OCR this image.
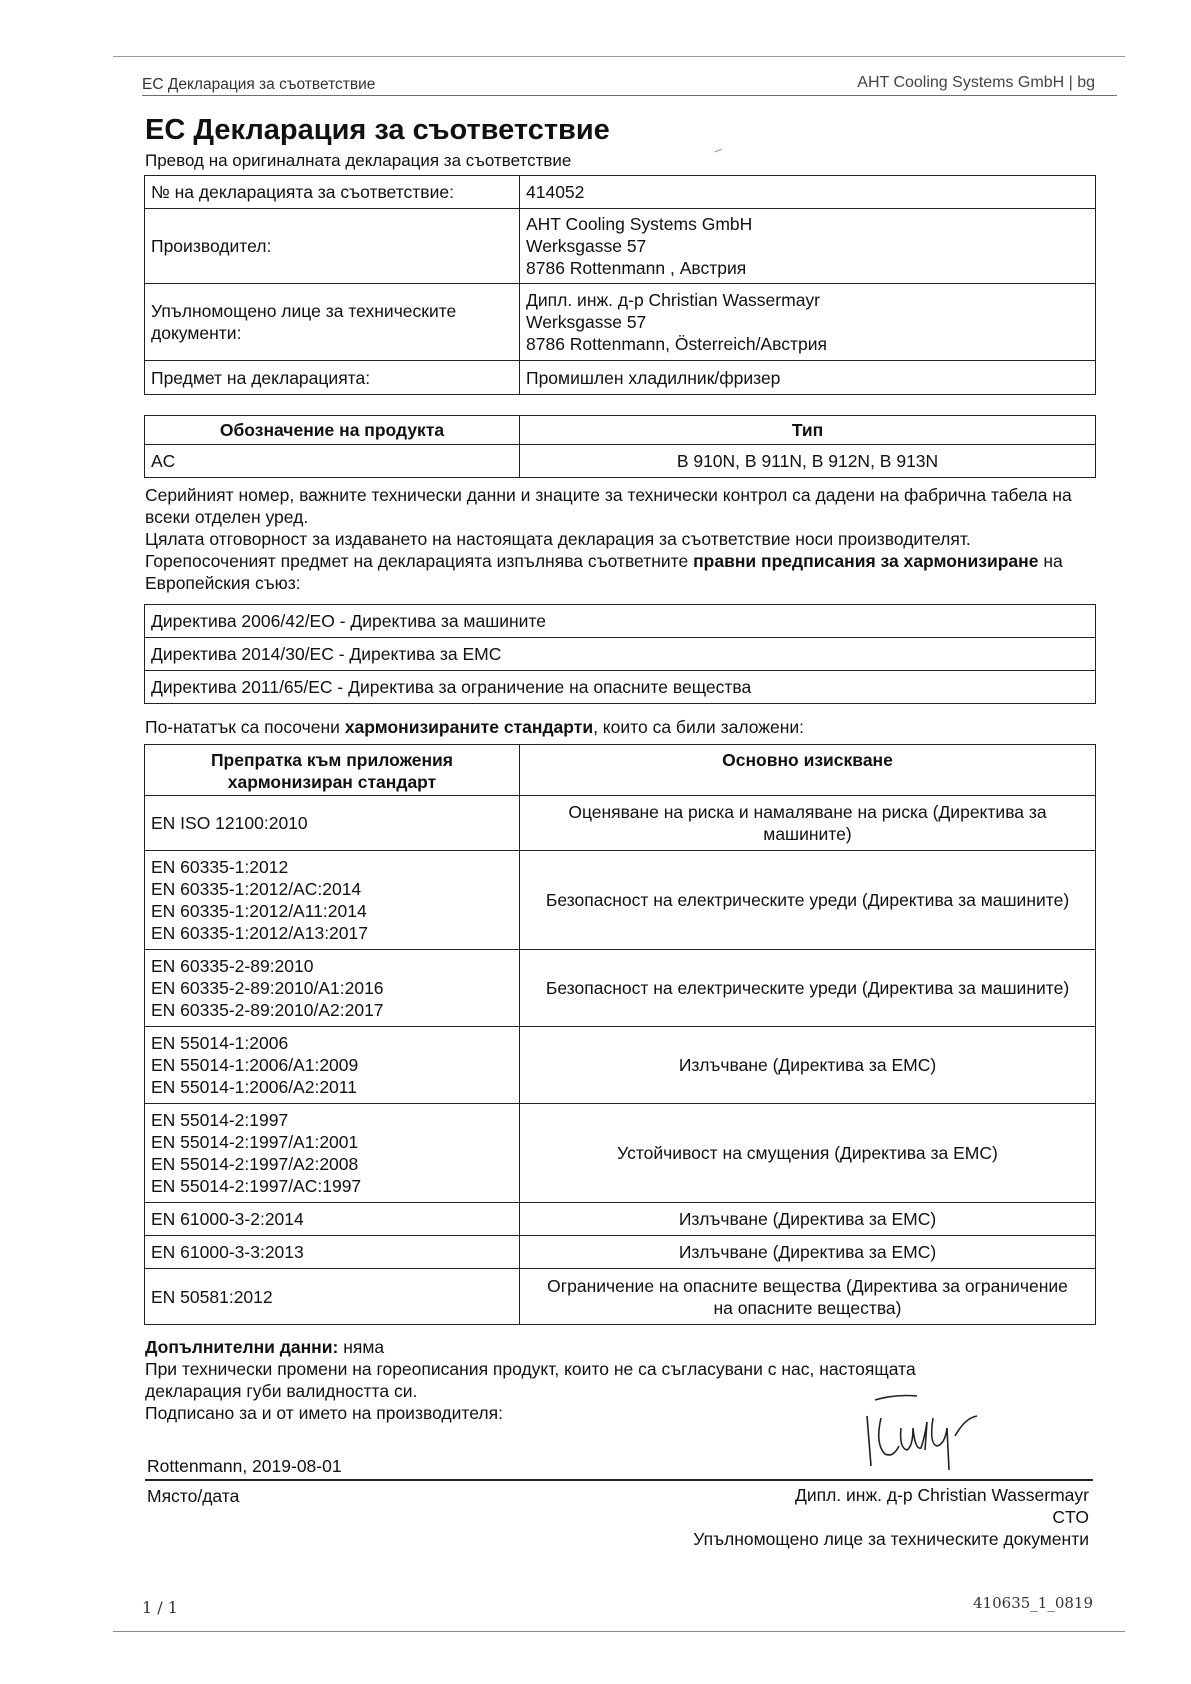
ЕС Декларация за съответствие	AHT Cooling Systems GmbH | bg
ЕС Декларация за съответствие
Превод на оригиналната декларация за съответствие
№ на декларацията за съответствие:	414052

Производител:	AHT Cooling Systems GmbH
Werksgasse 57
8786 Rottenmann , Австрия

Упълномощено лице за техническите документи:	Дипл. инж. д-р Christian Wassermayr
Werksgasse 57
8786 Rottenmann, Österreich/Австрия

Предмет на декларацията:	Промишлен хладилник/фризер
Обозначение на продукта	Тип
AC	B 910N, B 911N, B 912N, B 913N
Серийният номер, важните технически данни и знаците за технически контрол са дадени на фабрична табела на всеки отделен уред.
Цялата отговорност за издаването на настоящата декларация за съответствие носи производителят.
Горепосоченият предмет на декларацията изпълнява съответните правни предписания за хармонизиране на Европейския съюз:
Директива 2006/42/EO - Директива за машините
Директива 2014/30/EC - Директива за EMC
Директива 2011/65/EC - Директива за ограничение на опасните вещества
По-нататък са посочени хармонизираните стандарти, които са били заложени:
Препратка към приложения хармонизиран стандарт	Основно изискване

EN ISO 12100:2010	Оценяване на риска и намаляване на риска (Директива за машините)

EN 60335-1:2012
EN 60335-1:2012/AC:2014
EN 60335-1:2012/A11:2014
EN 60335-1:2012/A13:2017	Безопасност на електрическите уреди (Директива за машините)

EN 60335-2-89:2010
EN 60335-2-89:2010/A1:2016
EN 60335-2-89:2010/A2:2017	Безопасност на електрическите уреди (Директива за машините)

EN 55014-1:2006
EN 55014-1:2006/A1:2009
EN 55014-1:2006/A2:2011	Излъчване (Директива за EMC)

EN 55014-2:1997
EN 55014-2:1997/A1:2001
EN 55014-2:1997/A2:2008
EN 55014-2:1997/AC:1997	Устойчивост на смущения (Директива за EMC)

EN 61000-3-2:2014	Излъчване (Директива за EMC)

EN 61000-3-3:2013	Излъчване (Директива за EMC)

EN 50581:2012	Ограничение на опасните вещества (Директива за ограничение на опасните вещества)
Допълнителни данни: няма
При технически промени на гореописания продукт, които не са съгласувани с нас, настоящата декларация губи валидността си.
Подписано за и от името на производителя:
Rottenmann, 2019-08-01
Място/дата	Дипл. инж. д-р Christian Wassermayr
CTO
Упълномощено лице за техническите документи
1 / 1	410635_1_0819
